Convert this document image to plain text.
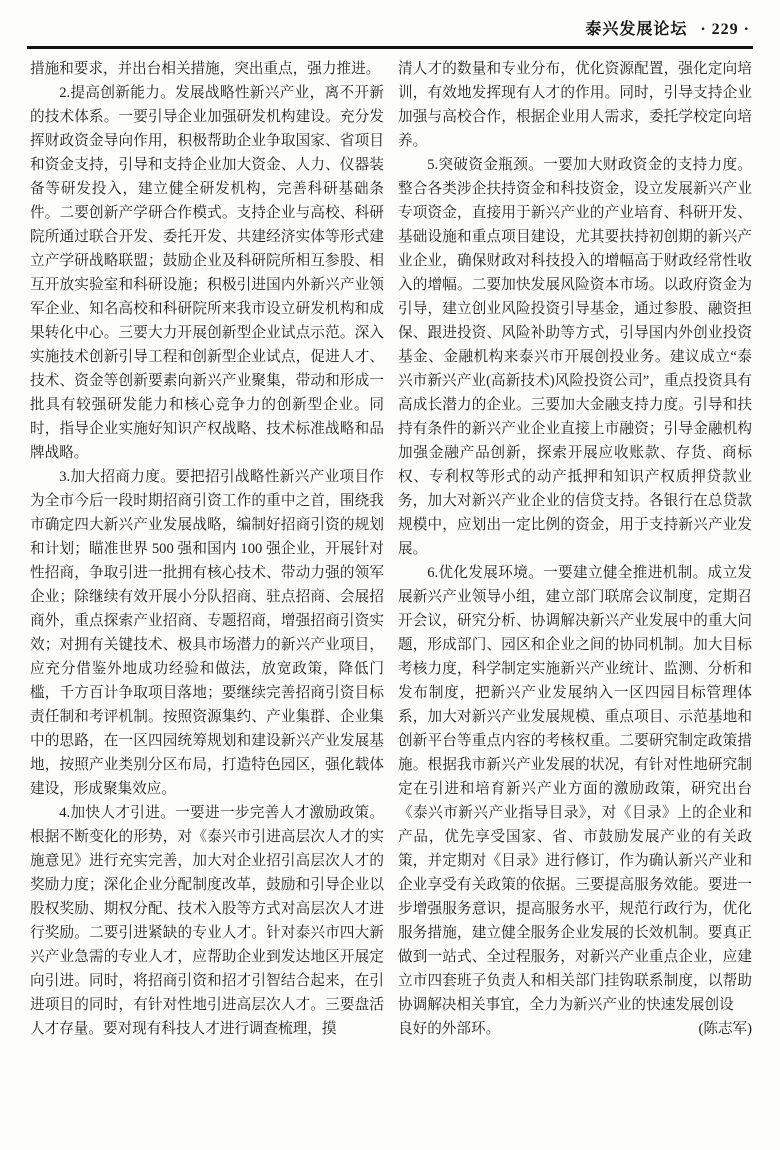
泰兴发展论坛 · 229 ·

措施和要求，并出台相关措施，突出重点，强力推进。

2.提高创新能力。发展战略性新兴产业，离不开新的技术体系。一要引导企业加强研发机构建设。充分发挥财政资金导向作用，积极帮助企业争取国家、省项目和资金支持，引导和支持企业加大资金、人力、仪器装备等研发投入，建立健全研发机构，完善科研基础条件。二要创新产学研合作模式。支持企业与高校、科研院所通过联合开发、委托开发、共建经济实体等形式建立产学研战略联盟；鼓励企业及科研院所相互参股、相互开放实验室和科研设施；积极引进国内外新兴产业领军企业、知名高校和科研院所来我市设立研发机构和成果转化中心。三要大力开展创新型企业试点示范。深入实施技术创新引导工程和创新型企业试点，促进人才、技术、资金等创新要素向新兴产业聚集，带动和形成一批具有较强研发能力和核心竞争力的创新型企业。同时，指导企业实施好知识产权战略、技术标准战略和品牌战略。

3.加大招商力度。要把招引战略性新兴产业项目作为全市今后一段时期招商引资工作的重中之首，围绕我市确定四大新兴产业发展战略，编制好招商引资的规划和计划；瞄准世界 500 强和国内 100 强企业，开展针对性招商，争取引进一批拥有核心技术、带动力强的领军企业；除继续有效开展小分队招商、驻点招商、会展招商外，重点探索产业招商、专题招商，增强招商引资实效；对拥有关键技术、极具市场潜力的新兴产业项目，应充分借鉴外地成功经验和做法，放宽政策，降低门槛，千方百计争取项目落地；要继续完善招商引资目标责任制和考评机制。按照资源集约、产业集群、企业集中的思路，在一区四园统筹规划和建设新兴产业发展基地，按照产业类别分区布局，打造特色园区，强化载体建设，形成聚集效应。

4.加快人才引进。一要进一步完善人才激励政策。根据不断变化的形势，对《泰兴市引进高层次人才的实施意见》进行充实完善，加大对企业招引高层次人才的奖励力度；深化企业分配制度改革，鼓励和引导企业以股权奖励、期权分配、技术入股等方式对高层次人才进行奖励。二要引进紧缺的专业人才。针对泰兴市四大新兴产业急需的专业人才，应帮助企业到发达地区开展定向引进。同时，将招商引资和招才引智结合起来，在引进项目的同时，有针对性地引进高层次人才。三要盘活人才存量。要对现有科技人才进行调查梳理，摸

清人才的数量和专业分布，优化资源配置，强化定向培训，有效地发挥现有人才的作用。同时，引导支持企业加强与高校合作，根据企业用人需求，委托学校定向培养。

5.突破资金瓶颈。一要加大财政资金的支持力度。整合各类涉企扶持资金和科技资金，设立发展新兴产业专项资金，直接用于新兴产业的产业培育、科研开发、基础设施和重点项目建设，尤其要扶持初创期的新兴产业企业，确保财政对科技投入的增幅高于财政经常性收入的增幅。二要加快发展风险资本市场。以政府资金为引导，建立创业风险投资引导基金，通过参股、融资担保、跟进投资、风险补助等方式，引导国内外创业投资基金、金融机构来泰兴市开展创投业务。建议成立“泰兴市新兴产业(高新技术)风险投资公司”，重点投资具有高成长潜力的企业。三要加大金融支持力度。引导和扶持有条件的新兴产业企业直接上市融资；引导金融机构加强金融产品创新，探索开展应收账款、存货、商标权、专利权等形式的动产抵押和知识产权质押贷款业务，加大对新兴产业企业的信贷支持。各银行在总贷款规模中，应划出一定比例的资金，用于支持新兴产业发展。

6.优化发展环境。一要建立健全推进机制。成立发展新兴产业领导小组，建立部门联席会议制度，定期召开会议，研究分析、协调解决新兴产业发展中的重大问题，形成部门、园区和企业之间的协同机制。加大目标考核力度，科学制定实施新兴产业统计、监测、分析和发布制度，把新兴产业发展纳入一区四园目标管理体系，加大对新兴产业发展规模、重点项目、示范基地和创新平台等重点内容的考核权重。二要研究制定政策措施。根据我市新兴产业发展的状况，有针对性地研究制定在引进和培育新兴产业方面的激励政策，研究出台《泰兴市新兴产业指导目录》，对《目录》上的企业和产品，优先享受国家、省、市鼓励发展产业的有关政策，并定期对《目录》进行修订，作为确认新兴产业和企业享受有关政策的依据。三要提高服务效能。要进一步增强服务意识，提高服务水平，规范行政行为，优化服务措施，建立健全服务企业发展的长效机制。要真正做到一站式、全过程服务，对新兴产业重点企业，应建立市四套班子负责人和相关部门挂钩联系制度，以帮助协调解决相关事宜，全力为新兴产业的快速发展创设

良好的外部环。	(陈志军)
